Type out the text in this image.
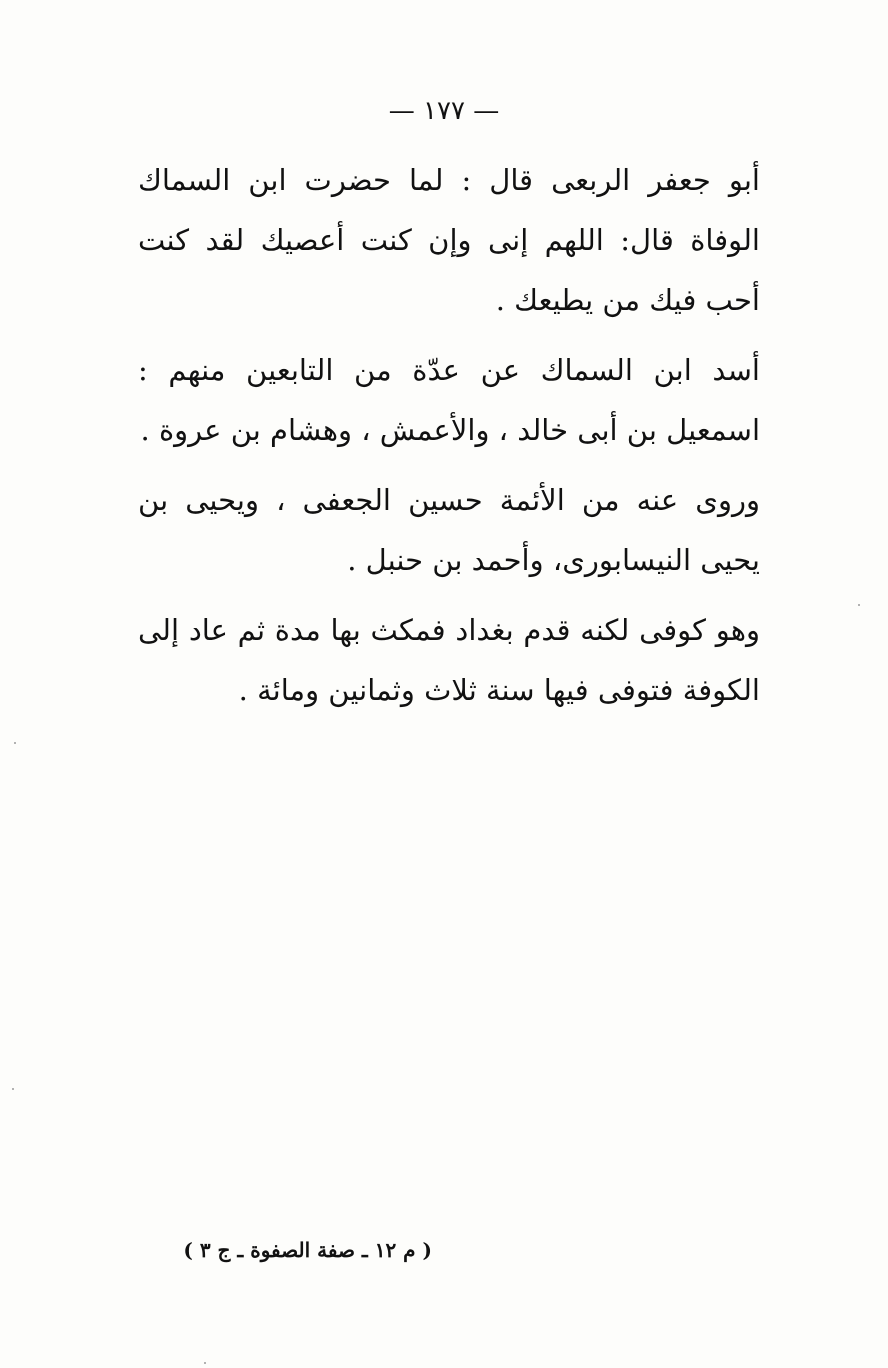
— ١٧٧ —

أبو جعفر الربعى قال : لما حضرت ابن السماك الوفاة قال: اللهم إنى وإن كنت أعصيك لقد كنت أحب فيك من يطيعك .

أسد ابن السماك عن عدّة من التابعين منهم : اسمعيل بن أبى خالد ، والأعمش ، وهشام بن عروة .

وروى عنه من الأئمة حسين الجعفى ، ويحيى بن يحيى النيسابورى، وأحمد بن حنبل .

وهو كوفى لكنه قدم بغداد فمكث بها مدة ثم عاد إلى الكوفة فتوفى فيها سنة ثلاث وثمانين ومائة .

( م ١٢ ـ صفة الصفوة ـ ج ٣ )
